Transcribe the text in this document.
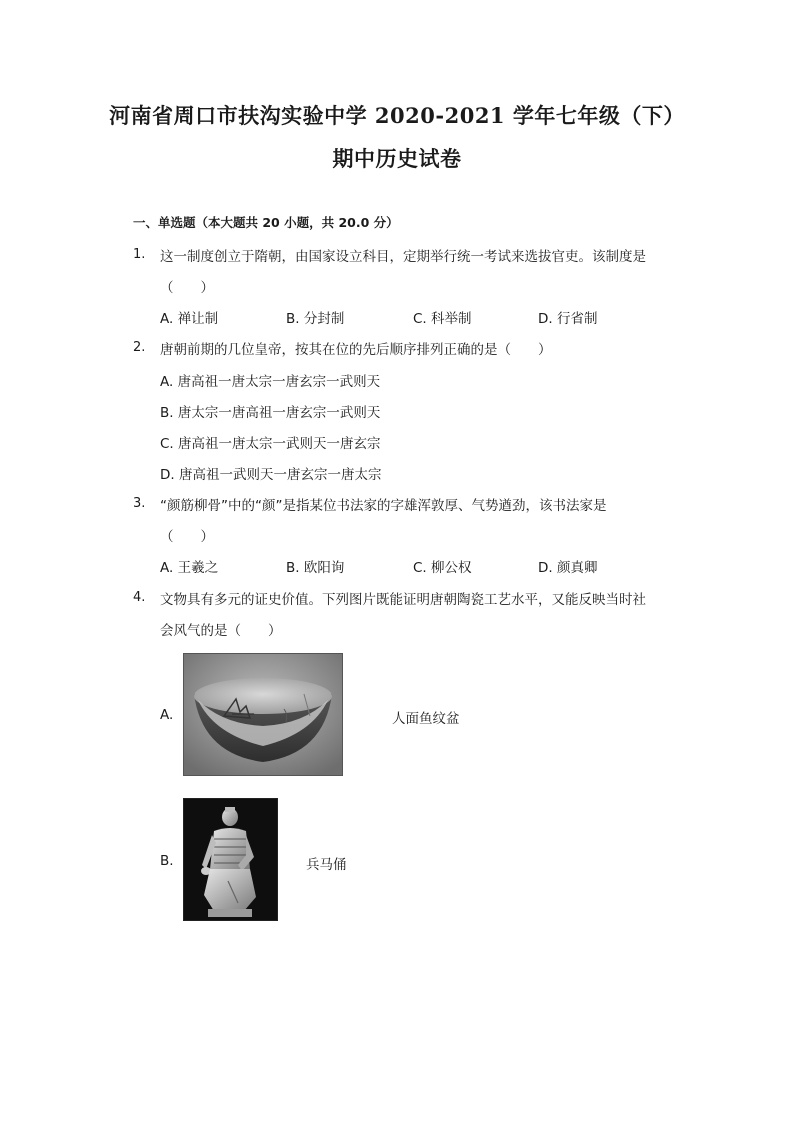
河南省周口市扶沟实验中学 2020-2021 学年七年级（下）
期中历史试卷
一、单选题（本大题共 20 小题，共 20.0 分）
1. 这一制度创立于隋朝，由国家设立科目，定期举行统一考试来选拔官吏。该制度是
（　　）
A. 禅让制	B. 分封制	C. 科举制	D. 行省制
2. 唐朝前期的几位皇帝，按其在位的先后顺序排列正确的是（　　）
A. 唐高祖一唐太宗一唐玄宗一武则天
B. 唐太宗一唐高祖一唐玄宗一武则天
C. 唐高祖一唐太宗一武则天一唐玄宗
D. 唐高祖一武则天一唐玄宗一唐太宗
3. “颜筋柳骨”中的“颜”是指某位书法家的字雄浑敦厚、气势遒劲，该书法家是
（　　）
A. 王羲之	B. 欧阳询	C. 柳公权	D. 颜真卿
4. 文物具有多元的证史价值。下列图片既能证明唐朝陶瓷工艺水平，又能反映当时社
会风气的是（　　）
A.	人面鱼纹盆
B.	兵马俑
